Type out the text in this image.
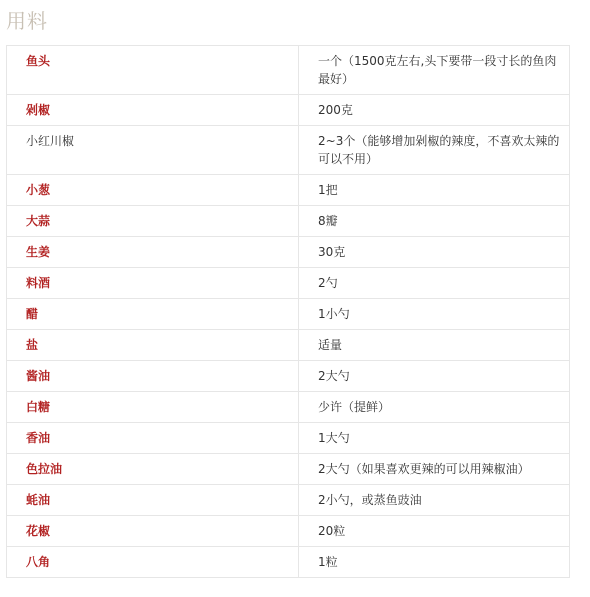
用料
鱼头	一个（1500克左右,头下要带一段寸长的鱼肉最好）
剁椒	200克
小红川椒	2~3个（能够增加剁椒的辣度，不喜欢太辣的可以不用）
小葱	1把
大蒜	8瓣
生姜	30克
料酒	2勺
醋	1小勺
盐	适量
酱油	2大勺
白糖	少许（提鲜）
香油	1大勺
色拉油	2大勺（如果喜欢更辣的可以用辣椒油）
蚝油	2小勺，或蒸鱼豉油
花椒	20粒
八角	1粒
